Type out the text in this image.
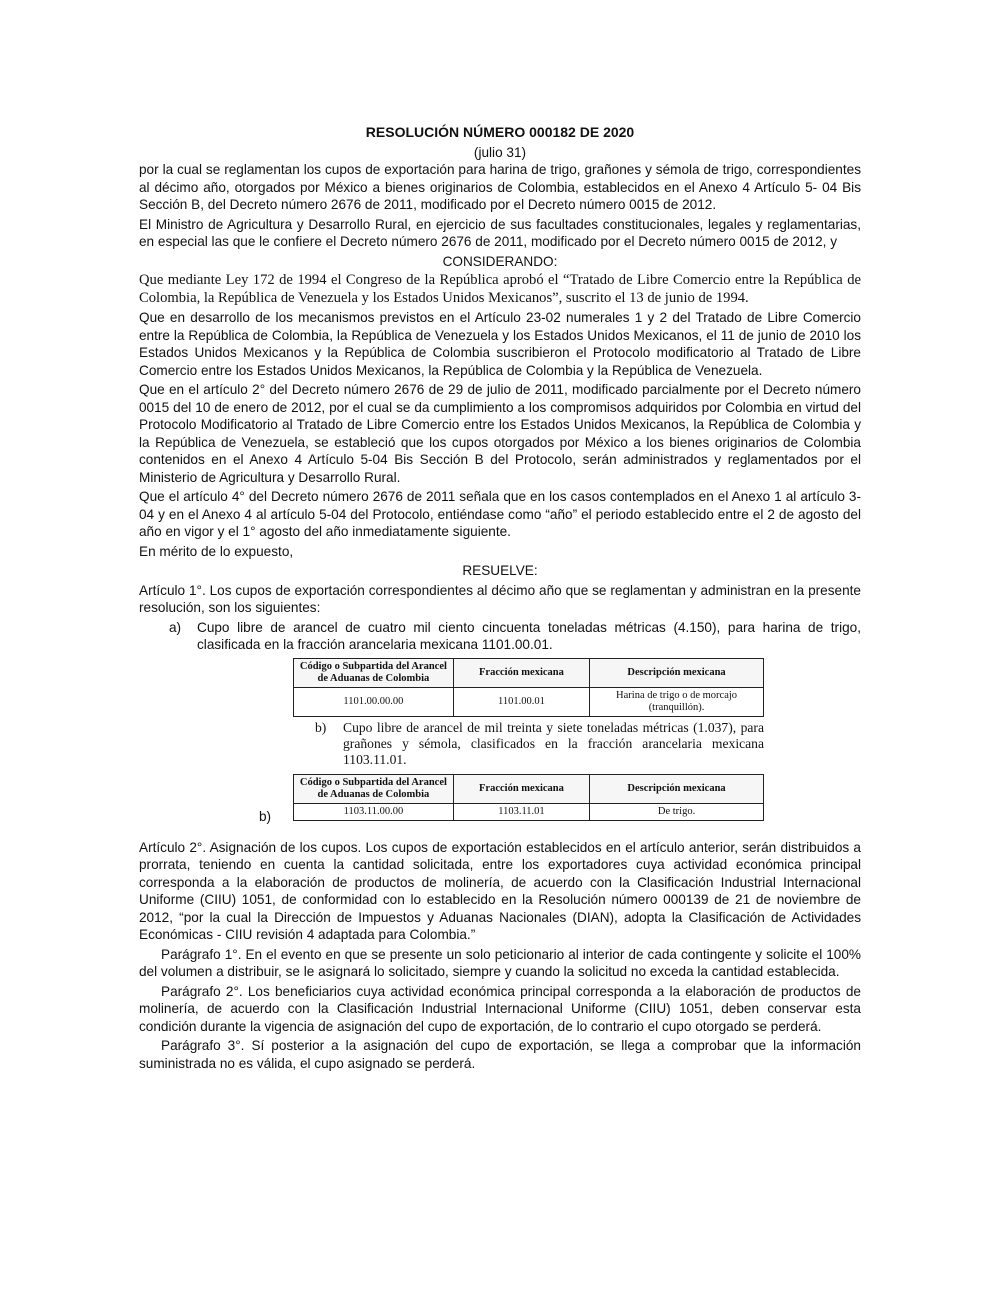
RESOLUCIÓN NÚMERO 000182 DE 2020
(julio 31)

por la cual se reglamentan los cupos de exportación para harina de trigo, grañones y sémola de trigo, correspondientes al décimo año, otorgados por México a bienes originarios de Colombia, establecidos en el Anexo 4 Artículo 5- 04 Bis Sección B, del Decreto número 2676 de 2011, modificado por el Decreto número 0015 de 2012.

El Ministro de Agricultura y Desarrollo Rural, en ejercicio de sus facultades constitucionales, legales y reglamentarias, en especial las que le confiere el Decreto número 2676 de 2011, modificado por el Decreto número 0015 de 2012, y

CONSIDERANDO:

Que mediante Ley 172 de 1994 el Congreso de la República aprobó el “Tratado de Libre Comercio entre la República de Colombia, la República de Venezuela y los Estados Unidos Mexicanos”, suscrito el 13 de junio de 1994.

Que en desarrollo de los mecanismos previstos en el Artículo 23-02 numerales 1 y 2 del Tratado de Libre Comercio entre la República de Colombia, la República de Venezuela y los Estados Unidos Mexicanos, el 11 de junio de 2010 los Estados Unidos Mexicanos y la República de Colombia suscribieron el Protocolo modificatorio al Tratado de Libre Comercio entre los Estados Unidos Mexicanos, la República de Colombia y la República de Venezuela.

Que en el artículo 2° del Decreto número 2676 de 29 de julio de 2011, modificado parcialmente por el Decreto número 0015 del 10 de enero de 2012, por el cual se da cumplimiento a los compromisos adquiridos por Colombia en virtud del Protocolo Modificatorio al Tratado de Libre Comercio entre los Estados Unidos Mexicanos, la República de Colombia y la República de Venezuela, se estableció que los cupos otorgados por México a los bienes originarios de Colombia contenidos en el Anexo 4 Artículo 5-04 Bis Sección B del Protocolo, serán administrados y reglamentados por el Ministerio de Agricultura y Desarrollo Rural.

Que el artículo 4° del Decreto número 2676 de 2011 señala que en los casos contemplados en el Anexo 1 al artículo 3-04 y en el Anexo 4 al artículo 5-04 del Protocolo, entiéndase como “año” el periodo establecido entre el 2 de agosto del año en vigor y el 1° agosto del año inmediatamente siguiente.

En mérito de lo expuesto,

RESUELVE:

Artículo 1°. Los cupos de exportación correspondientes al décimo año que se reglamentan y administran en la presente resolución, son los siguientes:

a)	Cupo libre de arancel de cuatro mil ciento cincuenta toneladas métricas (4.150), para harina de trigo, clasificada en la fracción arancelaria mexicana 1101.00.01.
Código o Subpartida del Arancel de Aduanas de Colombia	Fracción mexicana	Descripción mexicana
1101.00.00.00	1101.00.01	Harina de trigo o de morcajo (tranquillón).
b)	Cupo libre de arancel de mil treinta y siete toneladas métricas (1.037), para grañones y sémola, clasificados en la fracción arancelaria mexicana 1103.11.01.
Código o Subpartida del Arancel de Aduanas de Colombia	Fracción mexicana	Descripción mexicana
1103.11.00.00	1103.11.01	De trigo.
b)

Artículo 2°. Asignación de los cupos. Los cupos de exportación establecidos en el artículo anterior, serán distribuidos a prorrata, teniendo en cuenta la cantidad solicitada, entre los exportadores cuya actividad económica principal corresponda a la elaboración de productos de molinería, de acuerdo con la Clasificación Industrial Internacional Uniforme (CIIU) 1051, de conformidad con lo establecido en la Resolución número 000139 de 21 de noviembre de 2012, “por la cual la Dirección de Impuestos y Aduanas Nacionales (DIAN), adopta la Clasificación de Actividades Económicas - CIIU revisión 4 adaptada para Colombia.”

Parágrafo 1°. En el evento en que se presente un solo peticionario al interior de cada contingente y solicite el 100% del volumen a distribuir, se le asignará lo solicitado, siempre y cuando la solicitud no exceda la cantidad establecida.

Parágrafo 2°. Los beneficiarios cuya actividad económica principal corresponda a la elaboración de productos de molinería, de acuerdo con la Clasificación Industrial Internacional Uniforme (CIIU) 1051, deben conservar esta condición durante la vigencia de asignación del cupo de exportación, de lo contrario el cupo otorgado se perderá.

Parágrafo 3°. Sí posterior a la asignación del cupo de exportación, se llega a comprobar que la información suministrada no es válida, el cupo asignado se perderá.
